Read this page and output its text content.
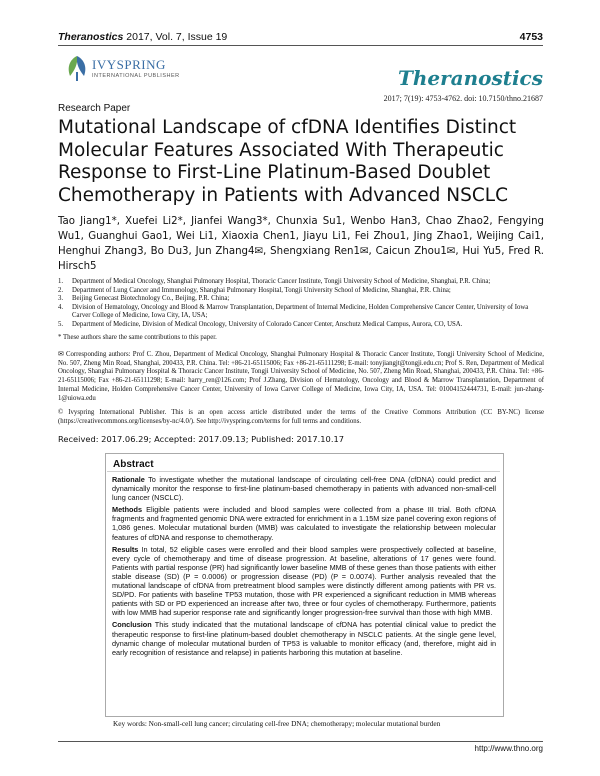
Theranostics 2017, Vol. 7, Issue 19	4753
IVYSPRING
INTERNATIONAL PUBLISHER	Theranostics
2017; 7(19): 4753-4762. doi: 10.7150/thno.21687
Research Paper
Mutational Landscape of cfDNA Identifies Distinct Molecular Features Associated With Therapeutic Response to First-Line Platinum-Based Doublet Chemotherapy in Patients with Advanced NSCLC
Tao Jiang1*, Xuefei Li2*, Jianfei Wang3*, Chunxia Su1, Wenbo Han3, Chao Zhao2, Fengying Wu1, Guanghui Gao1, Wei Li1, Xiaoxia Chen1, Jiayu Li1, Fei Zhou1, Jing Zhao1, Weijing Cai1, Henghui Zhang3, Bo Du3, Jun Zhang4✉, Shengxiang Ren1✉, Caicun Zhou1✉, Hui Yu5, Fred R. Hirsch5
1.	Department of Medical Oncology, Shanghai Pulmonary Hospital, Thoracic Cancer Institute, Tongji University School of Medicine, Shanghai, P.R. China;
2.	Department of Lung Cancer and Immunology, Shanghai Pulmonary Hospital, Tongji University School of Medicine, Shanghai, P.R. China;
3.	Beijing Genecast Biotechnology Co., Beijing, P.R. China;
4.	Division of Hematology, Oncology and Blood & Marrow Transplantation, Department of Internal Medicine, Holden Comprehensive Cancer Center, University of Iowa Carver College of Medicine, Iowa City, IA, USA;
5.	Department of Medicine, Division of Medical Oncology, University of Colorado Cancer Center, Anschutz Medical Campus, Aurora, CO, USA.
* These authors share the same contributions to this paper.
✉ Corresponding authors: Prof C. Zhou, Department of Medical Oncology, Shanghai Pulmonary Hospital & Thoracic Cancer Institute, Tongji University School of Medicine, No. 507, Zheng Min Road, Shanghai, 200433, P.R. China. Tel: +86-21-65115006; Fax +86-21-65111298; E-mail: tonyjiangjt@tongji.edu.cn; Prof S. Ren, Department of Medical Oncology, Shanghai Pulmonary Hospital & Thoracic Cancer Institute, Tongji University School of Medicine, No. 507, Zheng Min Road, Shanghai, 200433, P.R. China. Tel: +86-21-65115006; Fax +86-21-65111298; E-mail: harry_ren@126.com; Prof J.Zhang, Division of Hematology, Oncology and Blood & Marrow Transplantation, Department of Internal Medicine, Holden Comprehensive Cancer Center, University of Iowa Carver College of Medicine, Iowa City, IA, USA. Tel: 01004152444731, E-mail: jun-zhang-1@uiowa.edu
© Ivyspring International Publisher. This is an open access article distributed under the terms of the Creative Commons Attribution (CC BY-NC) license (https://creativecommons.org/licenses/by-nc/4.0/). See http://ivyspring.com/terms for full terms and conditions.
Received: 2017.06.29; Accepted: 2017.09.13; Published: 2017.10.17
Abstract

Rationale To investigate whether the mutational landscape of circulating cell-free DNA (cfDNA) could predict and dynamically monitor the response to first-line platinum-based chemotherapy in patients with advanced non-small-cell lung cancer (NSCLC).

Methods Eligible patients were included and blood samples were collected from a phase III trial. Both cfDNA fragments and fragmented genomic DNA were extracted for enrichment in a 1.15M size panel covering exon regions of 1,086 genes. Molecular mutational burden (MMB) was calculated to investigate the relationship between molecular features of cfDNA and response to chemotherapy.

Results In total, 52 eligible cases were enrolled and their blood samples were prospectively collected at baseline, every cycle of chemotherapy and time of disease progression. At baseline, alterations of 17 genes were found. Patients with partial response (PR) had significantly lower baseline MMB of these genes than those patients with either stable disease (SD) (P = 0.0006) or progression disease (PD) (P = 0.0074). Further analysis revealed that the mutational landscape of cfDNA from pretreatment blood samples were distinctly different among patients with PR vs. SD/PD. For patients with baseline TP53 mutation, those with PR experienced a significant reduction in MMB whereas patients with SD or PD experienced an increase after two, three or four cycles of chemotherapy. Furthermore, patients with low MMB had superior response rate and significantly longer progression-free survival than those with high MMB.

Conclusion This study indicated that the mutational landscape of cfDNA has potential clinical value to predict the therapeutic response to first-line platinum-based doublet chemotherapy in NSCLC patients. At the single gene level, dynamic change of molecular mutational burden of TP53 is valuable to monitor efficacy (and, therefore, might aid in early recognition of resistance and relapse) in patients harboring this mutation at baseline.

Key words: Non-small-cell lung cancer; circulating cell-free DNA; chemotherapy; molecular mutational burden
http://www.thno.org
